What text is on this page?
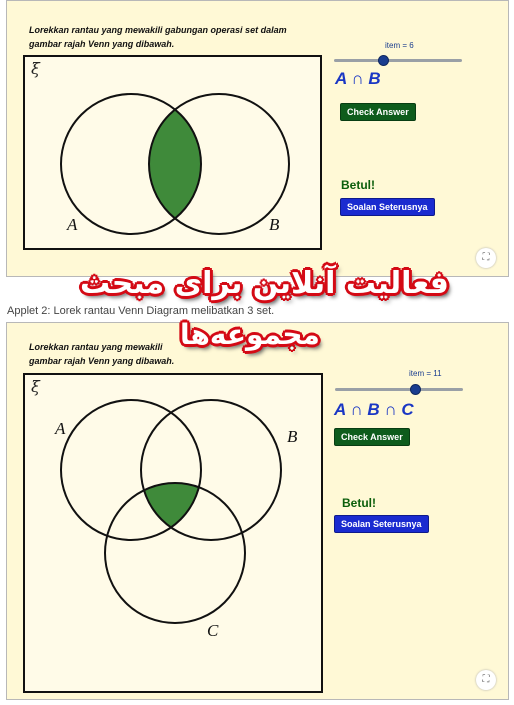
Lorekkan rantau yang mewakili gabungan operasi set dalam
gambar rajah Venn yang dibawah.
ξ
A	B
item = 6
A ∩ B
Check Answer
Betul!
Soalan Seterusnya
⛶
Applet 2: Lorek rantau Venn Diagram melibatkan 3 set.
Lorekkan rantau yang mewakili
gambar rajah Venn yang dibawah.
ξ
A	B
C
item = 11
A ∩ B ∩ C
Check Answer
Betul!
Soalan Seterusnya
⛶
فعالیت آنلاین برای مبحث
مجموعه‌ها
